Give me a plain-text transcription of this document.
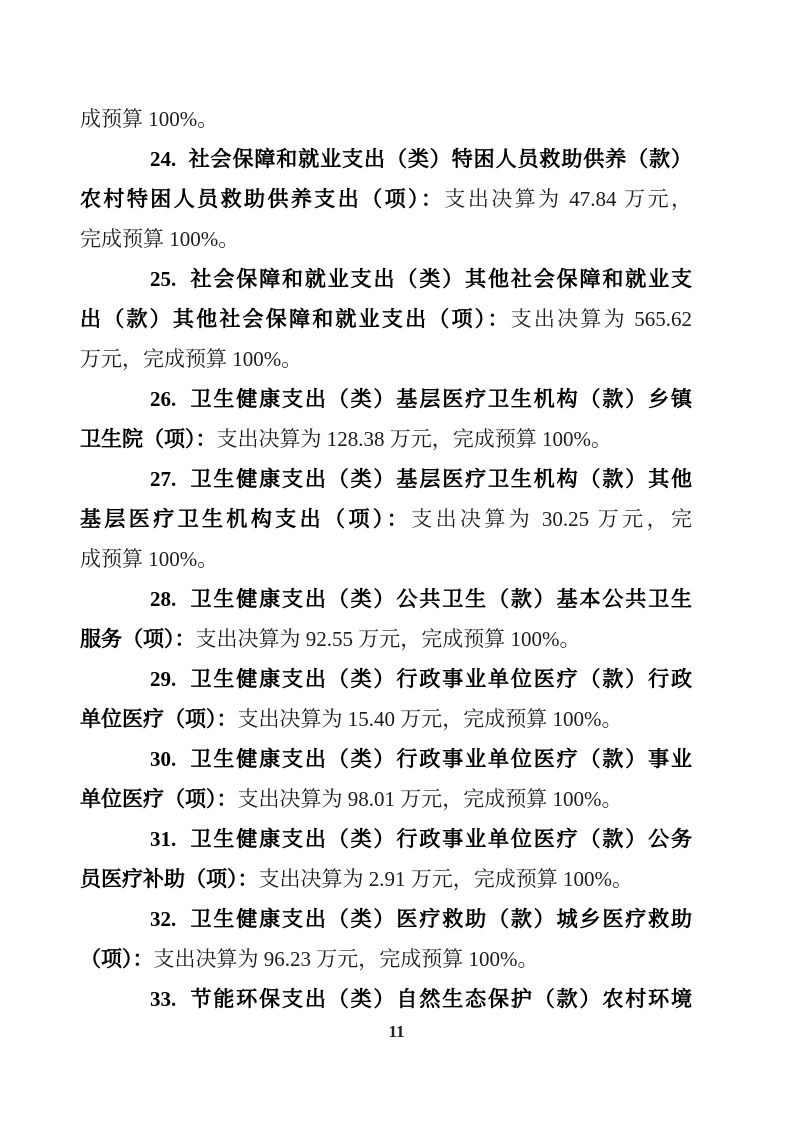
成预算 100%。
24.  社会保障和就业支出（类）特困人员救助供养（款）
农村特困人员救助供养支出（项）：支出决算为 47.84 万元，
完成预算 100%。
25.  社会保障和就业支出（类）其他社会保障和就业支
出（款）其他社会保障和就业支出（项）：支出决算为 565.62
万元，完成预算 100%。
26.  卫生健康支出（类）基层医疗卫生机构（款）乡镇
卫生院（项）：支出决算为 128.38 万元，完成预算 100%。
27.  卫生健康支出（类）基层医疗卫生机构（款）其他
基层医疗卫生机构支出（项）：支出决算为 30.25 万元，完
成预算 100%。
28.  卫生健康支出（类）公共卫生（款）基本公共卫生
服务（项）：支出决算为 92.55 万元，完成预算 100%。
29.  卫生健康支出（类）行政事业单位医疗（款）行政
单位医疗（项）：支出决算为 15.40 万元，完成预算 100%。
30.  卫生健康支出（类）行政事业单位医疗（款）事业
单位医疗（项）：支出决算为 98.01 万元，完成预算 100%。
31.  卫生健康支出（类）行政事业单位医疗（款）公务
员医疗补助（项）：支出决算为 2.91 万元，完成预算 100%。
32.  卫生健康支出（类）医疗救助（款）城乡医疗救助
（项）：支出决算为 96.23 万元，完成预算 100%。
33.  节能环保支出（类）自然生态保护（款）农村环境
11
